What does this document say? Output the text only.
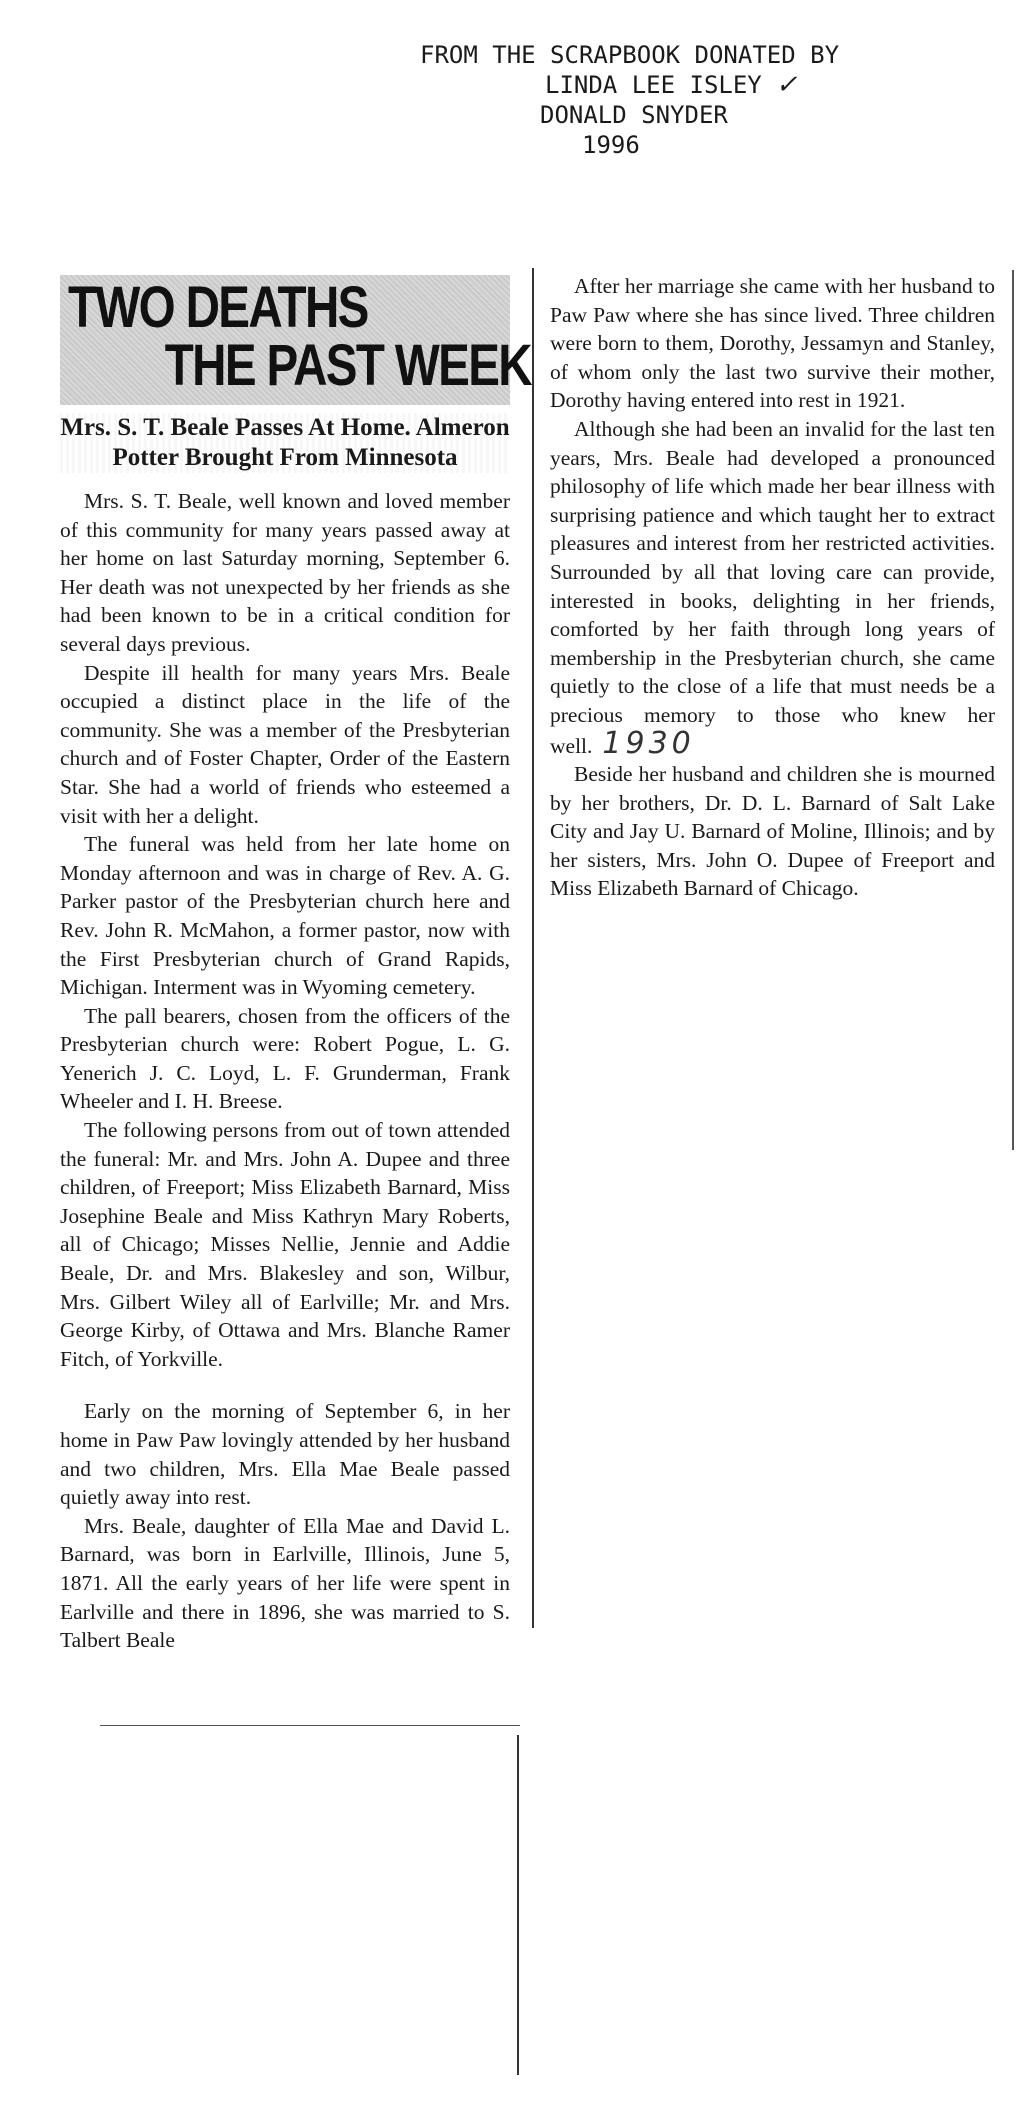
FROM THE SCRAPBOOK DONATED BY
LINDA LEE ISLEY ✓
DONALD SNYDER
1996
TWO DEATHS
THE PAST WEEK
Mrs. S. T. Beale Passes At Home. Almeron Potter Brought From Minnesota

Mrs. S. T. Beale, well known and loved member of this community for many years passed away at her home on last Saturday morning, September 6. Her death was not unexpected by her friends as she had been known to be in a critical condition for several days previous.

Despite ill health for many years Mrs. Beale occupied a distinct place in the life of the community. She was a member of the Presbyterian church and of Foster Chapter, Order of the Eastern Star. She had a world of friends who esteemed a visit with her a delight.

The funeral was held from her late home on Monday afternoon and was in charge of Rev. A. G. Parker pastor of the Presbyterian church here and Rev. John R. McMahon, a former pastor, now with the First Presbyterian church of Grand Rapids, Michigan. Interment was in Wyoming cemetery.

The pall bearers, chosen from the officers of the Presbyterian church were: Robert Pogue, L. G. Yenerich J. C. Loyd, L. F. Grunderman, Frank Wheeler and I. H. Breese.

The following persons from out of town attended the funeral: Mr. and Mrs. John A. Dupee and three children, of Freeport; Miss Elizabeth Barnard, Miss Josephine Beale and Miss Kathryn Mary Roberts, all of Chicago; Misses Nellie, Jennie and Addie Beale, Dr. and Mrs. Blakesley and son, Wilbur, Mrs. Gilbert Wiley all of Earlville; Mr. and Mrs. George Kirby, of Ottawa and Mrs. Blanche Ramer Fitch, of Yorkville.

Early on the morning of September 6, in her home in Paw Paw lovingly attended by her husband and two children, Mrs. Ella Mae Beale passed quietly away into rest.

Mrs. Beale, daughter of Ella Mae and David L. Barnard, was born in Earlville, Illinois, June 5, 1871. All the early years of her life were spent in Earlville and there in 1896, she was married to S. Talbert Beale

After her marriage she came with her husband to Paw Paw where she has since lived. Three children were born to them, Dorothy, Jessamyn and Stanley, of whom only the last two survive their mother, Dorothy having entered into rest in 1921.

Although she had been an invalid for the last ten years, Mrs. Beale had developed a pronounced philosophy of life which made her bear illness with surprising patience and which taught her to extract pleasures and interest from her restricted activities. Surrounded by all that loving care can provide, interested in books, delighting in her friends, comforted by her faith through long years of membership in the Presbyterian church, she came quietly to the close of a life that must needs be a precious memory to those who knew her well. 1930

Beside her husband and children she is mourned by her brothers, Dr. D. L. Barnard of Salt Lake City and Jay U. Barnard of Moline, Illinois; and by her sisters, Mrs. John O. Dupee of Freeport and Miss Elizabeth Barnard of Chicago.
